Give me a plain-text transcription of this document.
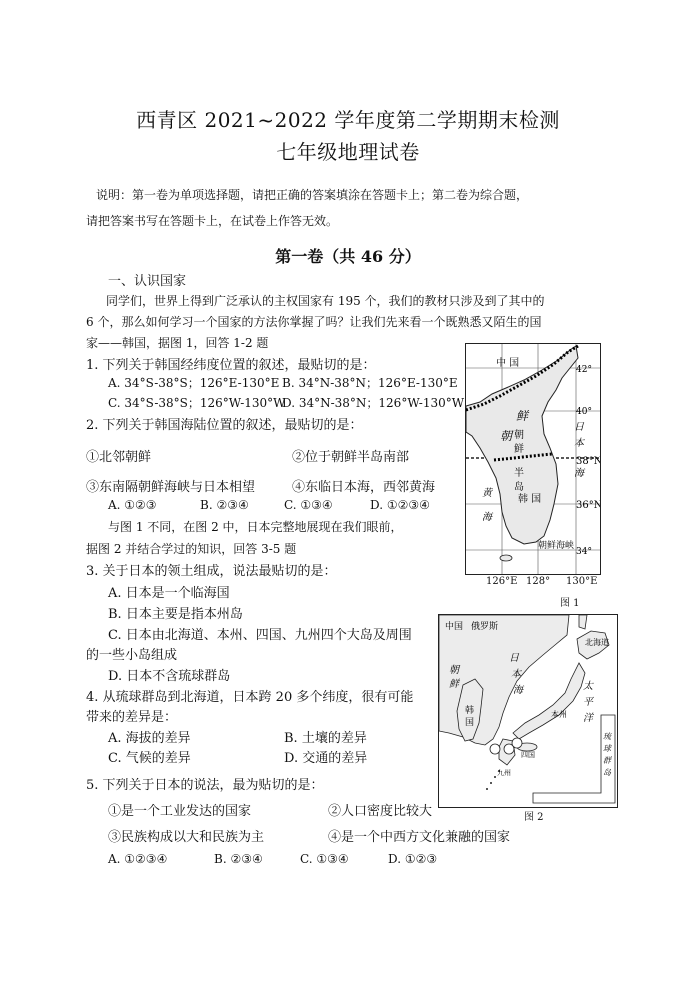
西青区 2021~2022 学年度第二学期期末检测
七年级地理试卷
说明：第一卷为单项选择题，请把正确的答案填涂在答题卡上；第二卷为综合题，
请把答案书写在答题卡上，在试卷上作答无效。
第一卷（共 46 分）
一、认识国家
同学们，世界上得到广泛承认的主权国家有 195 个，我们的教材只涉及到了其中的
6 个，那么如何学习一个国家的方法你掌握了吗？让我们先来看一个既熟悉又陌生的国
家——韩国，据图 1，回答 1-2 题
1. 下列关于韩国经纬度位置的叙述，最贴切的是：
A. 34°S-38°S；126°E-130°E B. 34°N-38°N；126°E-130°E
C. 34°S-38°S；126°W-130°W
D. 34°N-38°N；126°W-130°W
2. 下列关于韩国海陆位置的叙述，最贴切的是：
①北邻朝鲜	②位于朝鲜半岛南部
③东南隔朝鲜海峡与日本相望	④东临日本海，西邻黄海
A. ①②③	B. ②③④	C. ①③④	D. ①②③④
与图 1 不同，在图 2 中，日本完整地展现在我们眼前，
据图 2 并结合学过的知识，回答 3-5 题
3. 关于日本的领土组成，说法最贴切的是：
A. 日本是一个临海国
B. 日本主要是指本州岛
C. 日本由北海道、本州、四国、九州四个大岛及周围
的一些小岛组成
D. 日本不含琉球群岛
4. 从琉球群岛到北海道，日本跨 20 多个纬度，很有可能
带来的差异是：
A. 海拔的差异	B. 土壤的差异
C. 气候的差异	D. 交通的差异
5. 下列关于日本的说法，最为贴切的是：
①是一个工业发达的国家	②人口密度比较大
③民族构成以大和民族为主	④是一个中西方文化兼融的国家
A. ①②③④	B. ②③④	C. ①③④	D. ①②③
中 国
朝
鲜
朝
鲜
半
岛
韩 国
黄
海
日
本
海
朝鲜海峡
42°
40°
38°N
36°N
34°
126°E 128° 130°E
图 1
中国 俄罗斯
北海道
朝
鲜
日
本
海
本州
韩
国
太
平
洋
琉
球
群
岛
四国
九州
图 2
